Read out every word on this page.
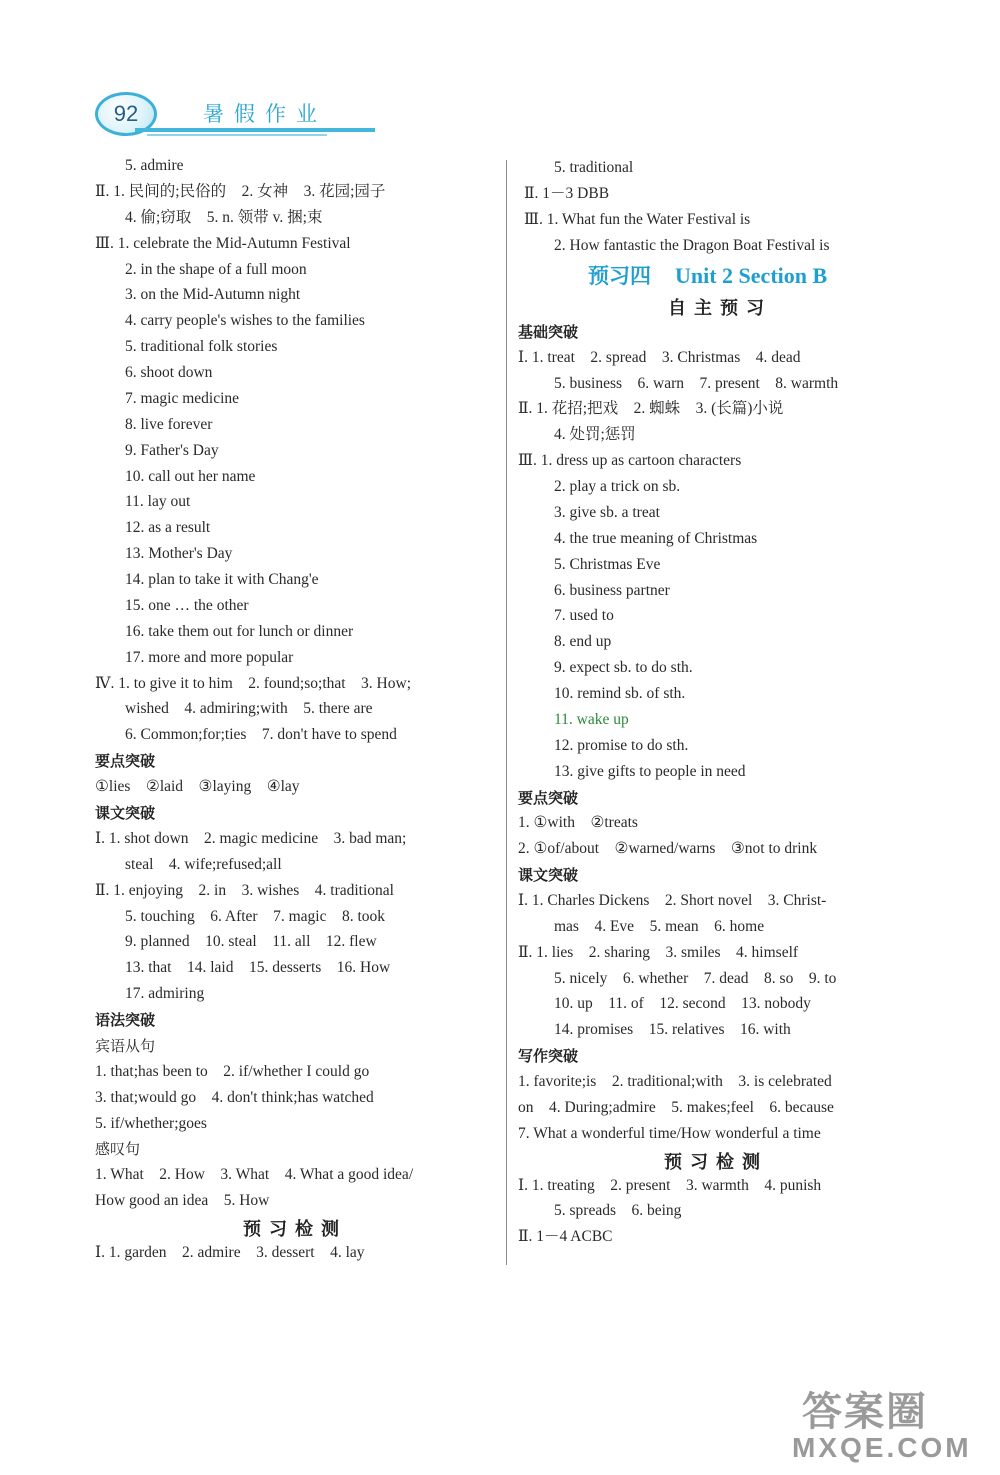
92	暑假作业
5. admire
Ⅱ. 1. 民间的;民俗的　2. 女神　3. 花园;园子
4. 偷;窃取　5. n. 领带 v. 捆;束
Ⅲ. 1. celebrate the Mid-Autumn Festival
2. in the shape of a full moon
3. on the Mid-Autumn night
4. carry people's wishes to the families
5. traditional folk stories
6. shoot down
7. magic medicine
8. live forever
9. Father's Day
10. call out her name
11. lay out
12. as a result
13. Mother's Day
14. plan to take it with Chang'e
15. one … the other
16. take them out for lunch or dinner
17. more and more popular
Ⅳ. 1. to give it to him　2. found;so;that　3. How;
wished　4. admiring;with　5. there are
6. Common;for;ties　7. don't have to spend
要点突破
①lies　②laid　③laying　④lay
课文突破
Ⅰ. 1. shot down　2. magic medicine　3. bad man;
steal　4. wife;refused;all
Ⅱ. 1. enjoying　2. in　3. wishes　4. traditional
5. touching　6. After　7. magic　8. took
9. planned　10. steal　11. all　12. flew
13. that　14. laid　15. desserts　16. How
17. admiring
语法突破
宾语从句
1. that;has been to　2. if/whether I could go
3. that;would go　4. don't think;has watched
5. if/whether;goes
感叹句
1. What　2. How　3. What　4. What a good idea/
How good an idea　5. How
预习检测
Ⅰ. 1. garden　2. admire　3. dessert　4. lay
5. traditional
Ⅱ. 1－3 DBB
Ⅲ. 1. What fun the Water Festival is
2. How fantastic the Dragon Boat Festival is
预习四 Unit 2 Section B
自主预习
基础突破
Ⅰ. 1. treat　2. spread　3. Christmas　4. dead
5. business　6. warn　7. present　8. warmth
Ⅱ. 1. 花招;把戏　2. 蜘蛛　3. (长篇)小说
4. 处罚;惩罚
Ⅲ. 1. dress up as cartoon characters
2. play a trick on sb.
3. give sb. a treat
4. the true meaning of Christmas
5. Christmas Eve
6. business partner
7. used to
8. end up
9. expect sb. to do sth.
10. remind sb. of sth.
11. wake up
12. promise to do sth.
13. give gifts to people in need
要点突破
1. ①with　②treats
2. ①of/about　②warned/warns　③not to drink
课文突破
Ⅰ. 1. Charles Dickens　2. Short novel　3. Christ-
mas　4. Eve　5. mean　6. home
Ⅱ. 1. lies　2. sharing　3. smiles　4. himself
5. nicely　6. whether　7. dead　8. so　9. to
10. up　11. of　12. second　13. nobody
14. promises　15. relatives　16. with
写作突破
1. favorite;is　2. traditional;with　3. is celebrated
on　4. During;admire　5. makes;feel　6. because
7. What a wonderful time/How wonderful a time
预习检测
Ⅰ. 1. treating　2. present　3. warmth　4. punish
5. spreads　6. being
Ⅱ. 1－4 ACBC
答案圈
MXQE.COM
